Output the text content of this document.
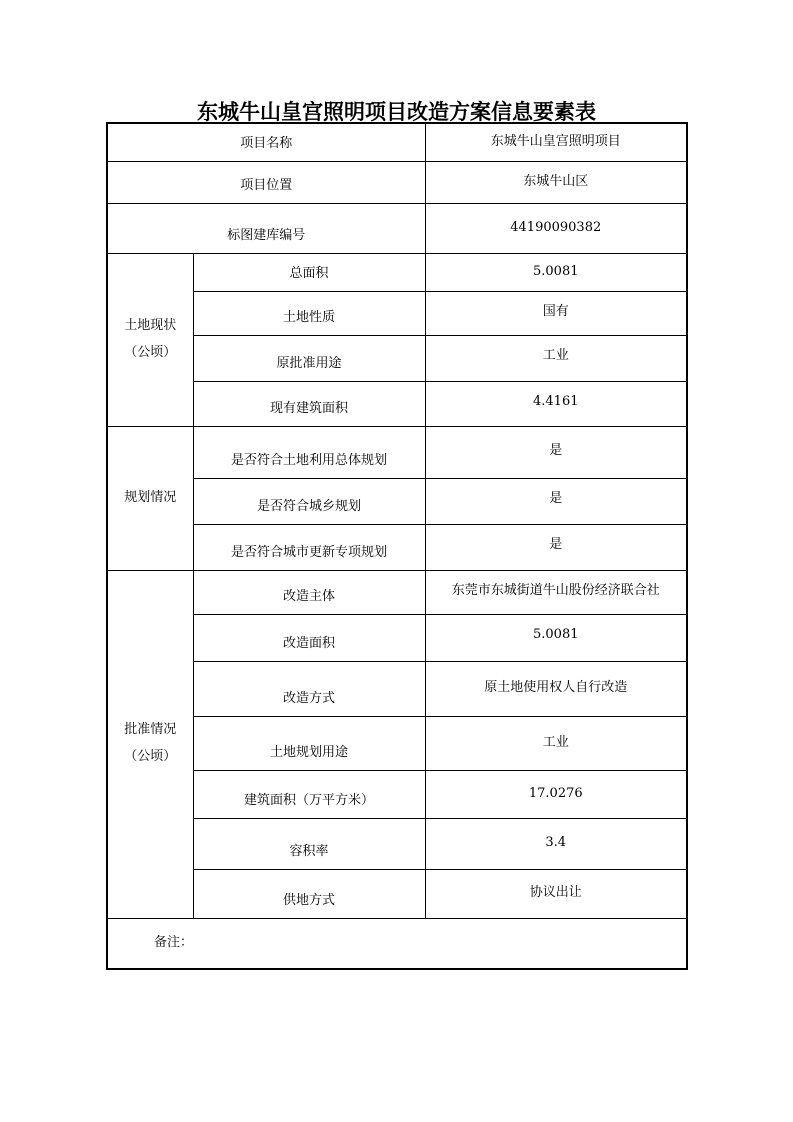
东城牛山皇宫照明项目改造方案信息要素表
项目名称		东城牛山皇宫照明项目
项目位置		东城牛山区
标图建库编号		44190090382

土地现状
（公顷）	总面积	5.0081
	土地性质	国有
	原批准用途	工业
	现有建筑面积	4.4161

规划情况	是否符合土地利用总体规划	是
	是否符合城乡规划	是
	是否符合城市更新专项规划	是

批准情况
（公顷）	改造主体	东莞市东城街道牛山股份经济联合社
	改造面积	5.0081
	改造方式	原土地使用权人自行改造
	土地规划用途	工业
	建筑面积（万平方米）	17.0276
	容积率	3.4
	供地方式	协议出让
备注：		
